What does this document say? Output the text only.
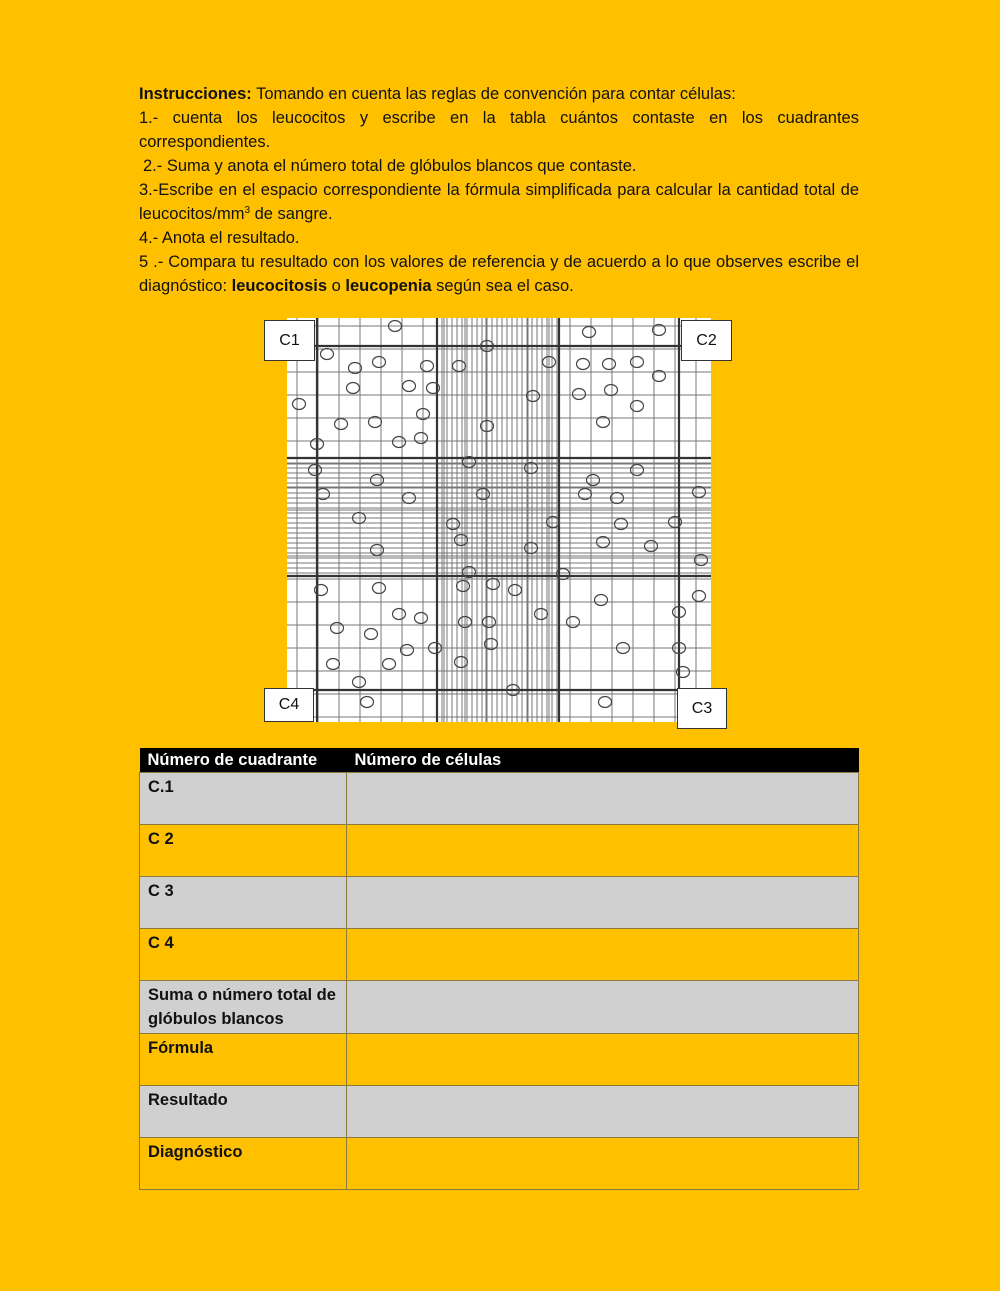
Instrucciones: Tomando en cuenta las reglas de convención para contar células:

1.- cuenta los leucocitos y escribe en la tabla cuántos contaste en los cuadrantes correspondientes.

2.- Suma y anota el número total de glóbulos blancos que contaste.

3.-Escribe en el espacio correspondiente la fórmula simplificada para calcular la cantidad total de leucocitos/$mm^3$ de sangre.

4.- Anota el resultado.

5 .- Compara tu resultado con los valores de referencia y de acuerdo a lo que observes escribe el diagnóstico: leucocitosis o leucopenia según sea el caso.

C1	C2
C3
C4
Número de cuadrante	Número de células
C.1	
C 2	
C 3	
C 4	
Suma o número total de glóbulos blancos	
Fórmula	
Resultado	
Diagnóstico	
